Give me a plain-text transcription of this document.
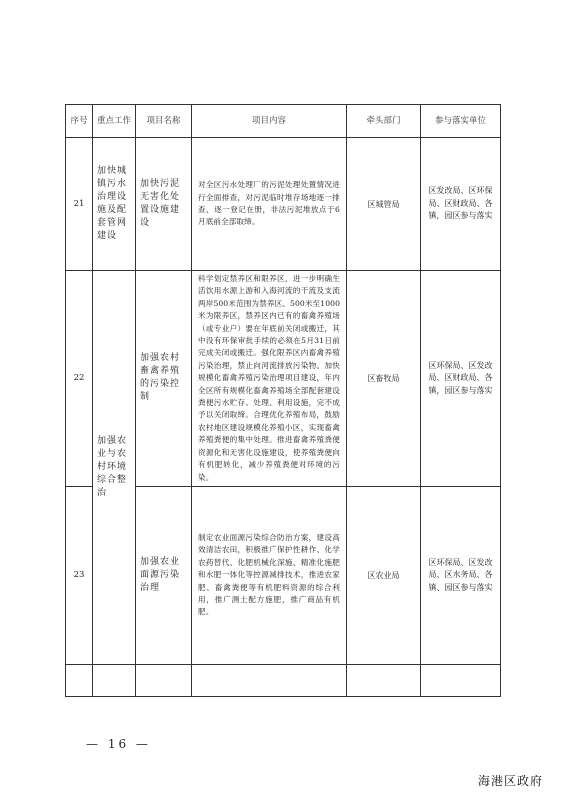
序号	重点工作	项目名称	项目内容	牵头部门	参与落实单位
21	加快城镇污水治理设施及配套管网建设	加快污泥无害化处置设施建设	对全区污水处理厂的污泥处理处置情况进行全面排查，对污泥临时堆存场地逐一排查、逐一登记在册，非法污泥堆放点于6月底前全部取缔。	区城管局	区发改局、区环保局、区财政局、各镇，园区参与落实
22	加强农业与农村环境综合整治	加强农村畜禽养殖的污染控制	科学划定禁养区和限养区，进一步明确生活饮用水源上游和入海河流的干流及支流两岸500米范围为禁养区、500米至1000米为限养区，禁养区内已有的畜禽养殖场（或专业户）要在年底前关闭或搬迁，其中没有环保审批手续的必须在5月31日前完成关闭或搬迁。强化限养区内畜禽养殖污染治理，禁止向河流排放污染物。加快规模化畜禽养殖污染治理项目建设，年内全区所有规模化畜禽养殖场全部配套建设粪便污水贮存、处理、利用设施，完不成予以关闭取缔。合理优化养殖布局，鼓励农村地区建设规模化养殖小区，实现畜禽养殖粪便的集中处理。推进畜禽养殖粪便资源化和无害化设施建设，使养殖粪便向有机肥转化，减少养殖粪便对环境的污染。	区畜牧局	区环保局、区发改局、区财政局、各镇，园区参与落实
23		加强农业面源污染治理	制定农业面源污染综合防治方案，建设高效清洁农田，积极推广保护性耕作、化学农药替代、化肥机械化深施、精准化施肥和水肥一体化等控源减排技术，推进农家肥、畜禽粪便等有机肥料资源的综合利用，推广测土配方施肥，推广商品有机肥。	区农业局	区环保局、区发改局、区水务局、各镇、园区参与落实

— 16 —
海港区政府
